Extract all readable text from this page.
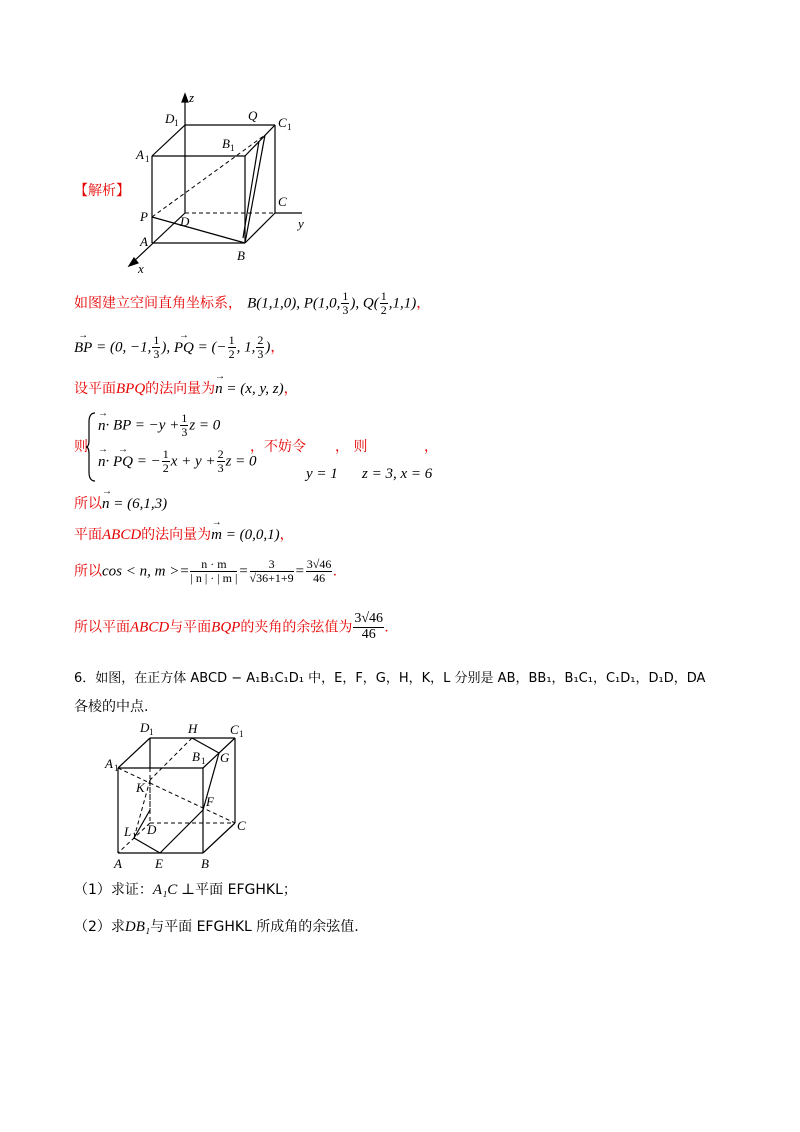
z
D 1	C 1
Q
B 1
A 1
C
y
P D
A
B
x
【解析】
如图建立空间直角坐标系， B(1,1,0), P(1,0, $\frac{1}{3}$ ), $Q( \frac{1}{2} ,1,1)$，
→ BP = (0, −1, $\frac{1}{3}$ ), → PQ = (− $\frac{1}{2}$ , 1, $\frac{2}{3}$ )，
设平面BPQ的法向量为→ n = (x, y, z)，
则
→ n· BP = $-y + \frac{1}{3}$ z = 0
→ n· → PQ = − $\frac{1}{2}$ $x + y + \frac{2}{3}$ z = 0
，不妨令 ， 则	，
y = 1 z = 3, x = 6
所以→ n = (6,1,3)
平面ABCD的法向量为→ m = (0,0,1)，
所以cos < n, $m >= \frac{n \cdot m}{| n | \cdot | m |} = \frac{3}{√36+1+9} = \frac{3√46}{46}$ .
所以平面ABCD与平面BQP的夹角的余弦值为 $\frac{3√46}{46}$ .
6．如图，在正方体 ABCD − A₁B₁C₁D₁ 中，E，F，G，H，K，L 分别是 AB，BB₁，B₁C₁，C₁D₁，D₁D，DA
各棱的中点.
D 1	H	C 1
A 1
B 1 G
K
F
L 1 D	C
A	E	B
（1）求证：A₁C ⊥平面 EFGHKL；
（2）求DB₁与平面 EFGHKL 所成角的余弦值.
